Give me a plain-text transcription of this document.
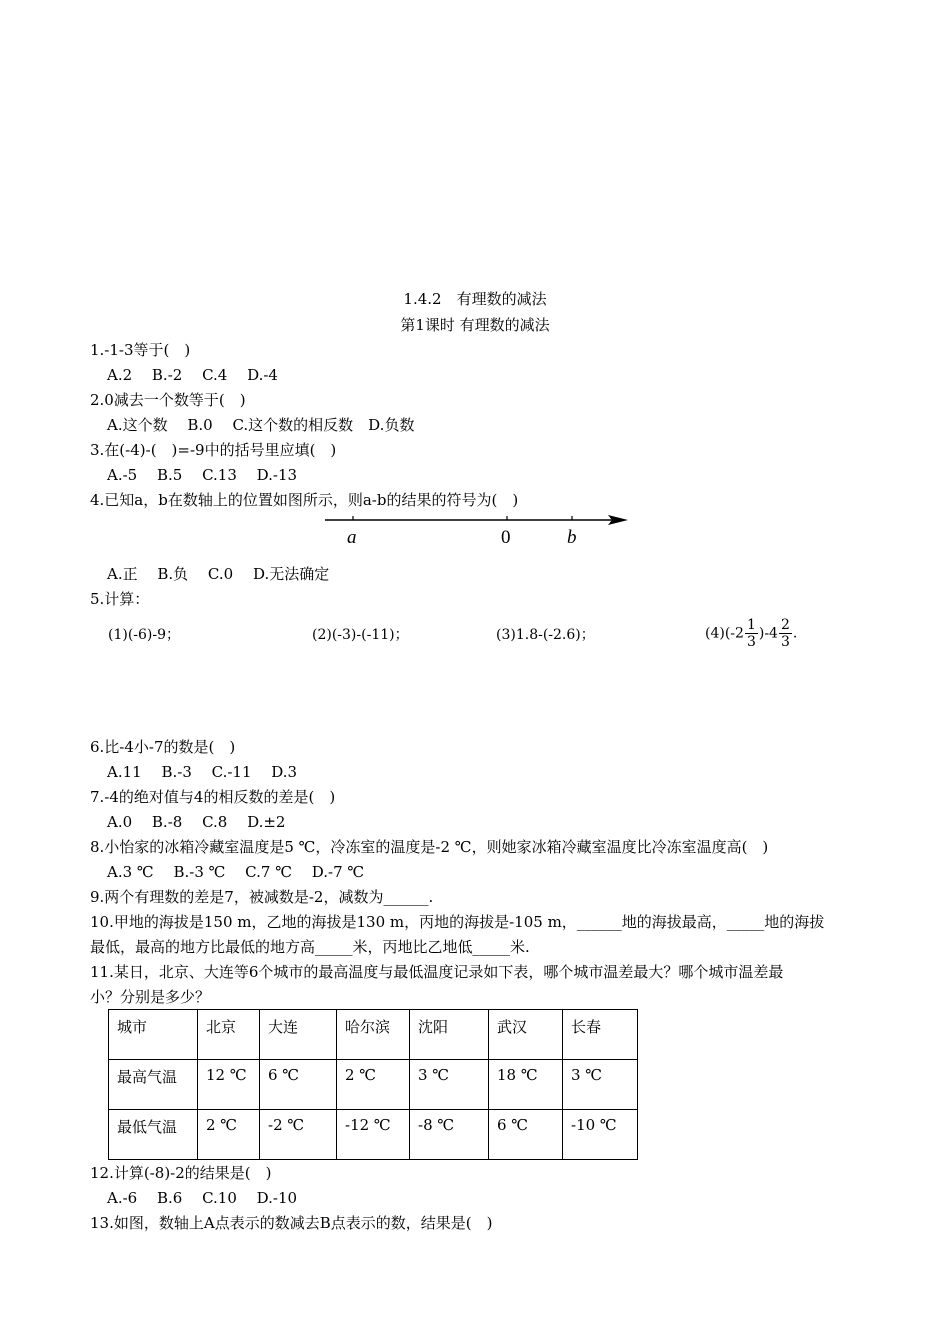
1.4.2　有理数的减法
第1课时 有理数的减法
1.-1-3等于(　)
A.2　 B.-2　 C.4　 D.-4
2.0减去一个数等于(　)
A.这个数　 B.0　 C.这个数的相反数　D.负数
3.在(-4)-(　)=-9中的括号里应填(　)
A.-5　 B.5　 C.13　 D.-13
4.已知a，b在数轴上的位置如图所示，则a-b的结果的符号为(　)
a	0	b
A.正　 B.负　 C.0　 D.无法确定
5.计算：
(1)(-6)-9；	(2)(-3)-(-11)；	(3)1.8-(-2.6)；	$(4)(-2 \frac{1}{3} )-4 \frac{2}{3}$ .
6.比-4小-7的数是(　)
A.11　 B.-3　 C.-11　 D.3
7.-4的绝对值与4的相反数的差是(　)
A.0　 B.-8　 C.8　 D.±2
8.小怡家的冰箱冷藏室温度是5 ℃，冷冻室的温度是-2 ℃，则她家冰箱冷藏室温度比冷冻室温度高(　)
A.3 ℃　 B.-3 ℃　 C.7 ℃　 D.-7 ℃
9.两个有理数的差是7，被减数是-2，减数为______.
10.甲地的海拔是150 m，乙地的海拔是130 m，丙地的海拔是-105 m，______地的海拔最高，_____地的海拔
最低，最高的地方比最低的地方高_____米，丙地比乙地低_____米.
11.某日，北京、大连等6个城市的最高温度与最低温度记录如下表，哪个城市温差最大？哪个城市温差最
小？分别是多少？
城市	北京	大连	哈尔滨	沈阳	武汉	长春
最高气温	12 ℃	6 ℃	2 ℃	3 ℃	18 ℃	3 ℃
最低气温	2 ℃	-2 ℃	-12 ℃	-8 ℃	6 ℃	-10 ℃
12.计算(-8)-2的结果是(　)
A.-6　 B.6　 C.10　 D.-10
13.如图，数轴上A点表示的数减去B点表示的数，结果是(　)
